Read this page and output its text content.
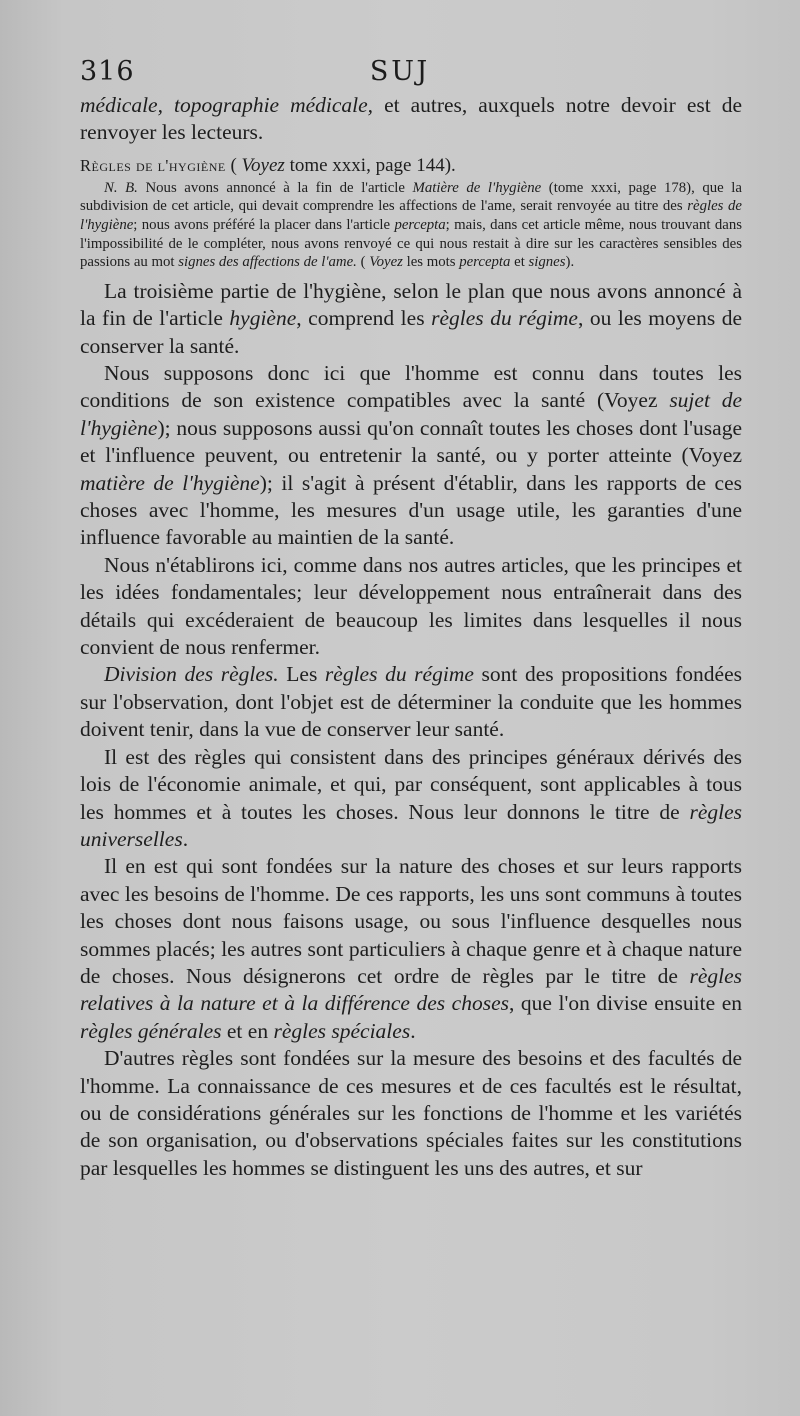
316	SUJ

médicale, topographie médicale, et autres, auxquels notre devoir est de renvoyer les lecteurs.

Règles de l'hygiène ( Voyez tome xxxi, page 144).

N. B. Nous avons annoncé à la fin de l'article Matière de l'hygiène (tome xxxi, page 178), que la subdivision de cet article, qui devait comprendre les affections de l'ame, serait renvoyée au titre des règles de l'hygiène; nous avons préféré la placer dans l'article percepta; mais, dans cet article même, nous trouvant dans l'impossibilité de le compléter, nous avons renvoyé ce qui nous restait à dire sur les caractères sensibles des passions au mot signes des affections de l'ame. ( Voyez les mots percepta et signes).

La troisième partie de l'hygiène, selon le plan que nous avons annoncé à la fin de l'article hygiène, comprend les règles du régime, ou les moyens de conserver la santé.

Nous supposons donc ici que l'homme est connu dans toutes les conditions de son existence compatibles avec la santé (Voyez sujet de l'hygiène); nous supposons aussi qu'on connaît toutes les choses dont l'usage et l'influence peuvent, ou entretenir la santé, ou y porter atteinte (Voyez matière de l'hygiène); il s'agit à présent d'établir, dans les rapports de ces choses avec l'homme, les mesures d'un usage utile, les garanties d'une influence favorable au maintien de la santé.

Nous n'établirons ici, comme dans nos autres articles, que les principes et les idées fondamentales; leur développement nous entraînerait dans des détails qui excéderaient de beaucoup les limites dans lesquelles il nous convient de nous renfermer.

Division des règles. Les règles du régime sont des propositions fondées sur l'observation, dont l'objet est de déterminer la conduite que les hommes doivent tenir, dans la vue de conserver leur santé.

Il est des règles qui consistent dans des principes généraux dérivés des lois de l'économie animale, et qui, par conséquent, sont applicables à tous les hommes et à toutes les choses. Nous leur donnons le titre de règles universelles.

Il en est qui sont fondées sur la nature des choses et sur leurs rapports avec les besoins de l'homme. De ces rapports, les uns sont communs à toutes les choses dont nous faisons usage, ou sous l'influence desquelles nous sommes placés; les autres sont particuliers à chaque genre et à chaque nature de choses. Nous désignerons cet ordre de règles par le titre de règles relatives à la nature et à la différence des choses, que l'on divise ensuite en règles générales et en règles spéciales.

D'autres règles sont fondées sur la mesure des besoins et des facultés de l'homme. La connaissance de ces mesures et de ces facultés est le résultat, ou de considérations générales sur les fonctions de l'homme et les variétés de son organisation, ou d'observations spéciales faites sur les constitutions par lesquelles les hommes se distinguent les uns des autres, et sur
